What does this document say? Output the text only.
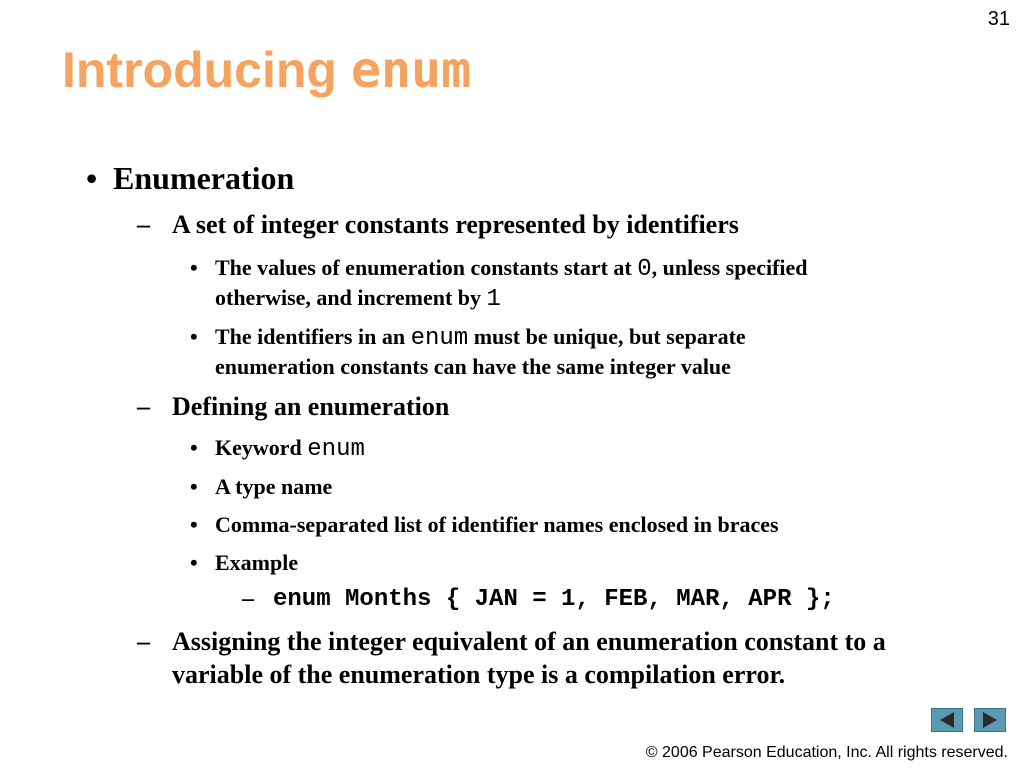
31
Introducing enum
• Enumeration
– A set of integer constants represented by identifiers
• The values of enumeration constants start at 0, unless specified
otherwise, and increment by 1
• The identifiers in an enum must be unique, but separate
enumeration constants can have the same integer value
– Defining an enumeration
• Keyword enum
• A type name
• Comma-separated list of identifier names enclosed in braces
• Example
– enum Months { JAN = 1, FEB, MAR, APR };
– Assigning the integer equivalent of an enumeration constant to a
variable of the enumeration type is a compilation error.
© 2006 Pearson Education, Inc. All rights reserved.
